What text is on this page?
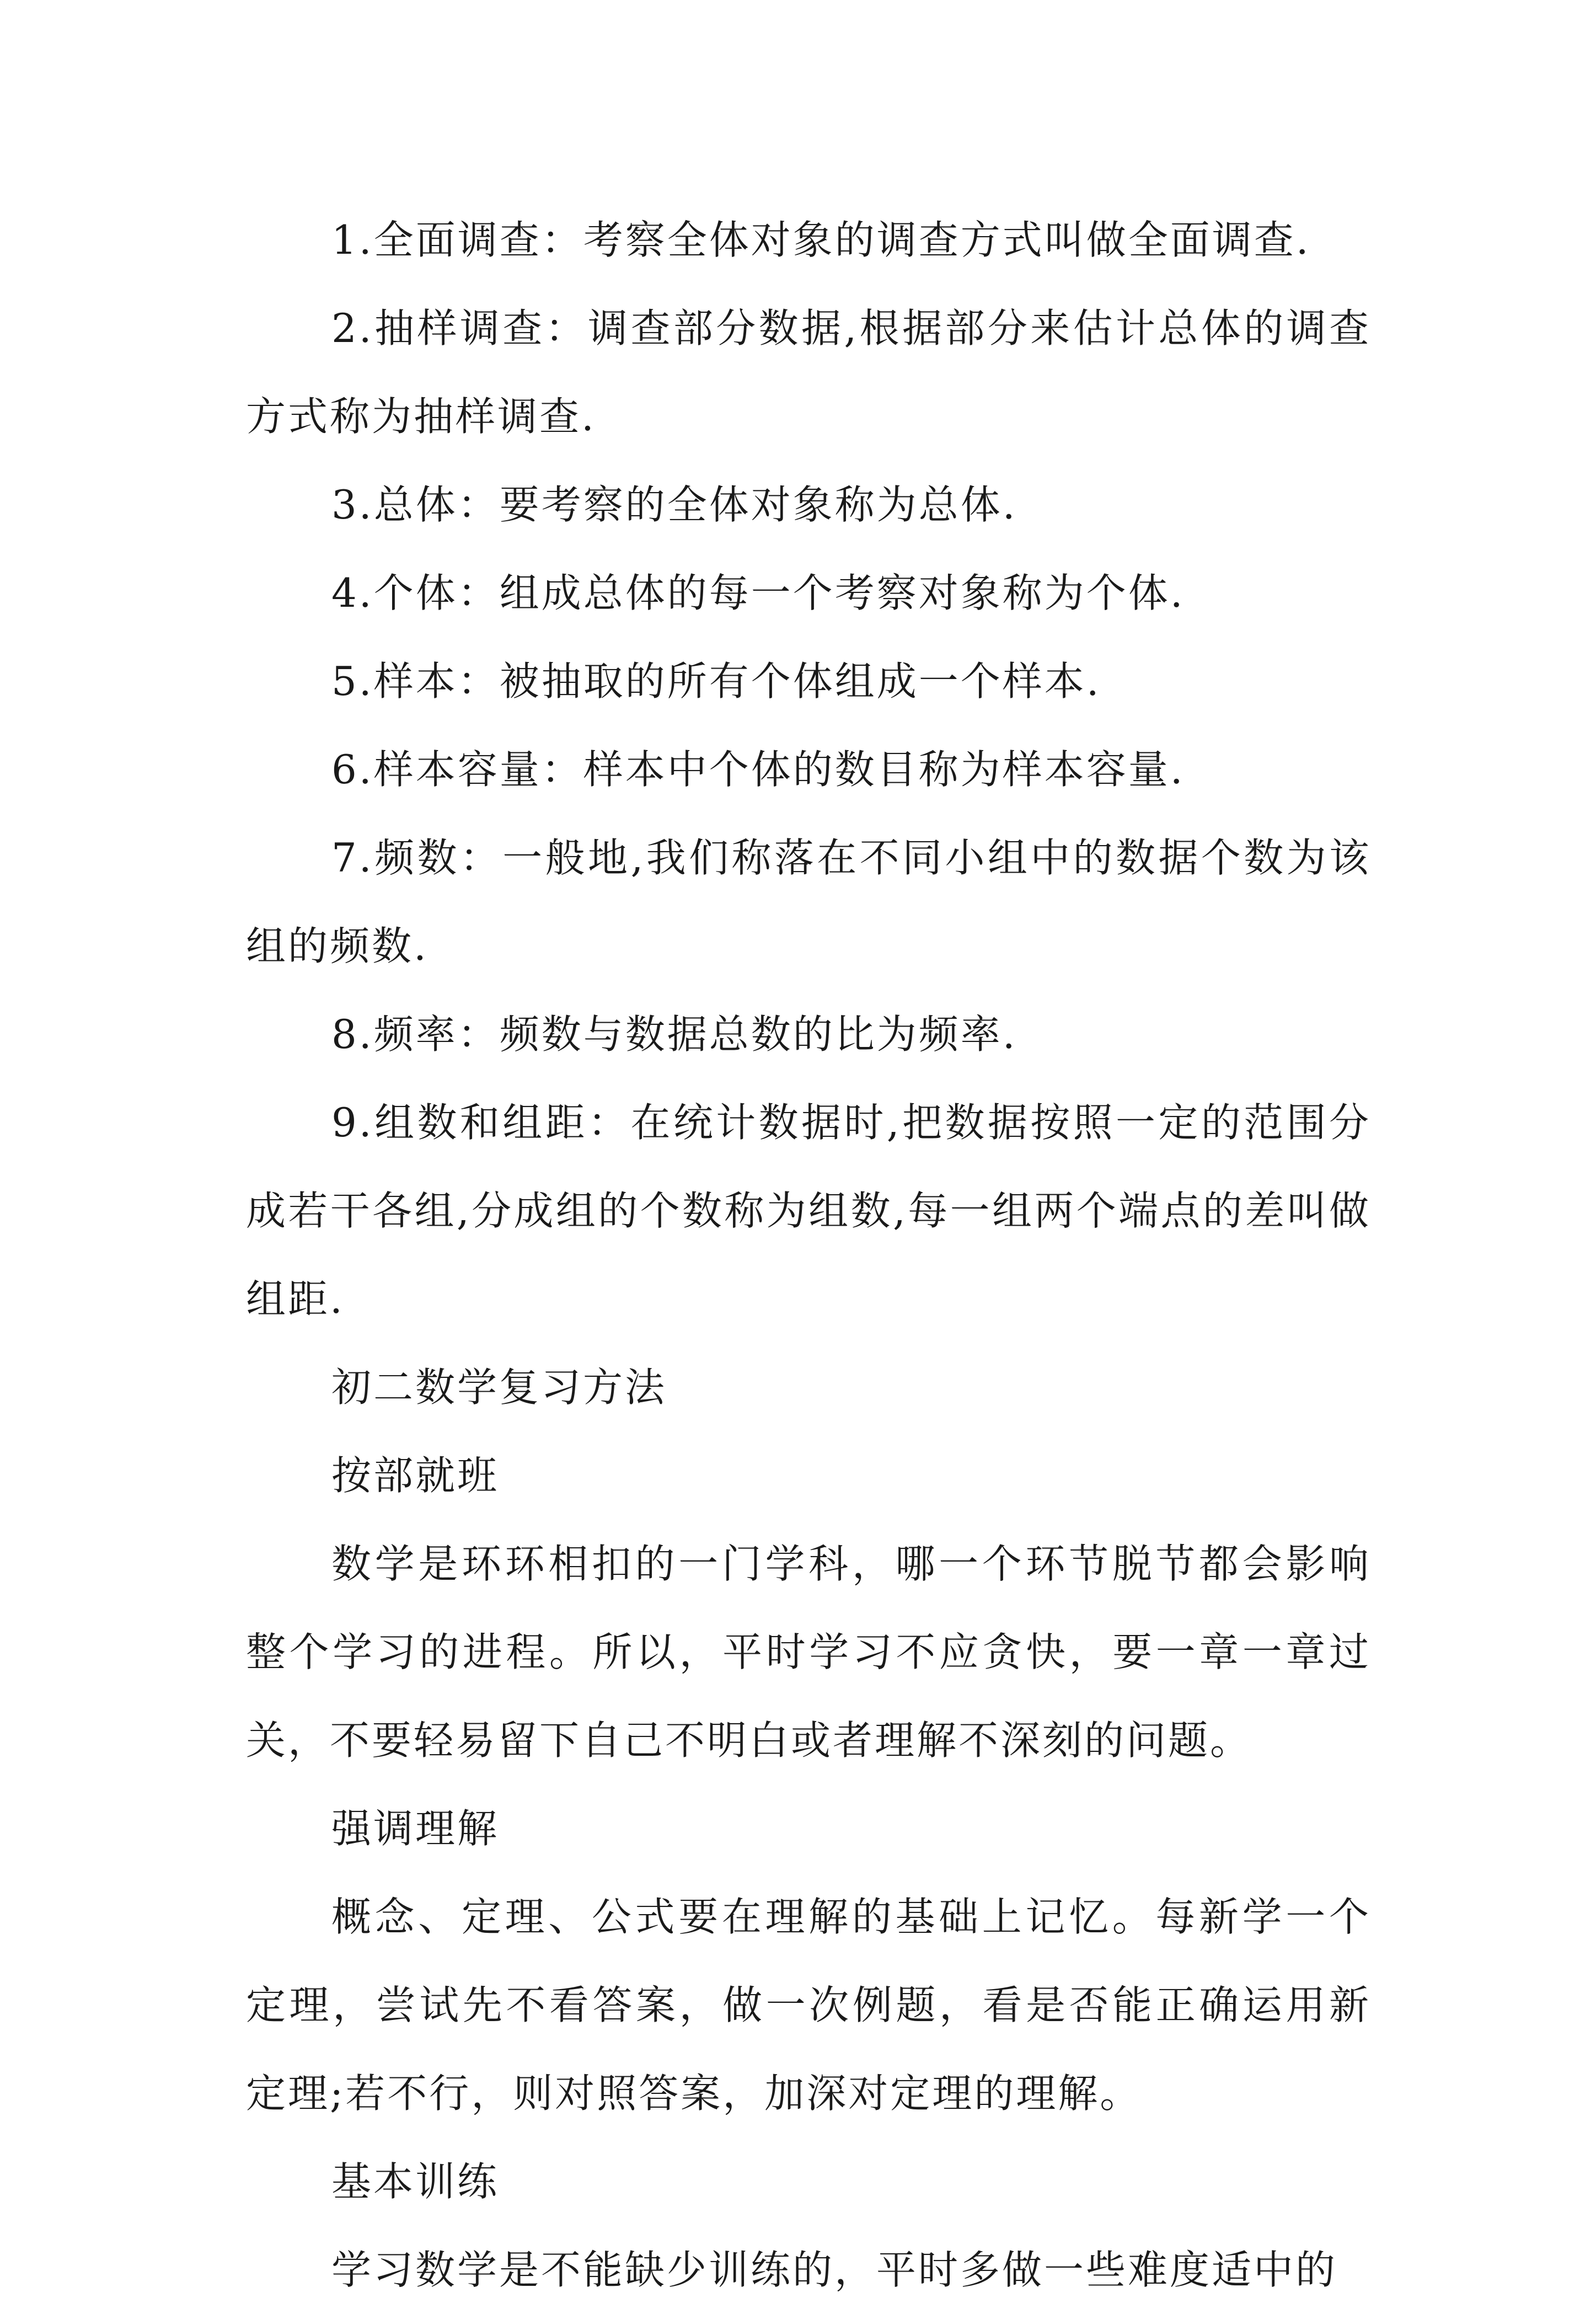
1.全面调查：考察全体对象的调查方式叫做全面调查.

2.抽样调查：调查部分数据,根据部分来估计总体的调查方式称为抽样调查.

3.总体：要考察的全体对象称为总体.

4.个体：组成总体的每一个考察对象称为个体.

5.样本：被抽取的所有个体组成一个样本.

6.样本容量：样本中个体的数目称为样本容量.

7.频数：一般地,我们称落在不同小组中的数据个数为该组的频数.

8.频率：频数与数据总数的比为频率.

9.组数和组距：在统计数据时,把数据按照一定的范围分成若干各组,分成组的个数称为组数,每一组两个端点的差叫做组距.

初二数学复习方法

按部就班

数学是环环相扣的一门学科，哪一个环节脱节都会影响整个学习的进程。所以，平时学习不应贪快，要一章一章过关，不要轻易留下自己不明白或者理解不深刻的问题。

强调理解

概念、定理、公式要在理解的基础上记忆。每新学一个定理，尝试先不看答案，做一次例题，看是否能正确运用新定理;若不行，则对照答案，加深对定理的理解。

基本训练

学习数学是不能缺少训练的，平时多做一些难度适中的
